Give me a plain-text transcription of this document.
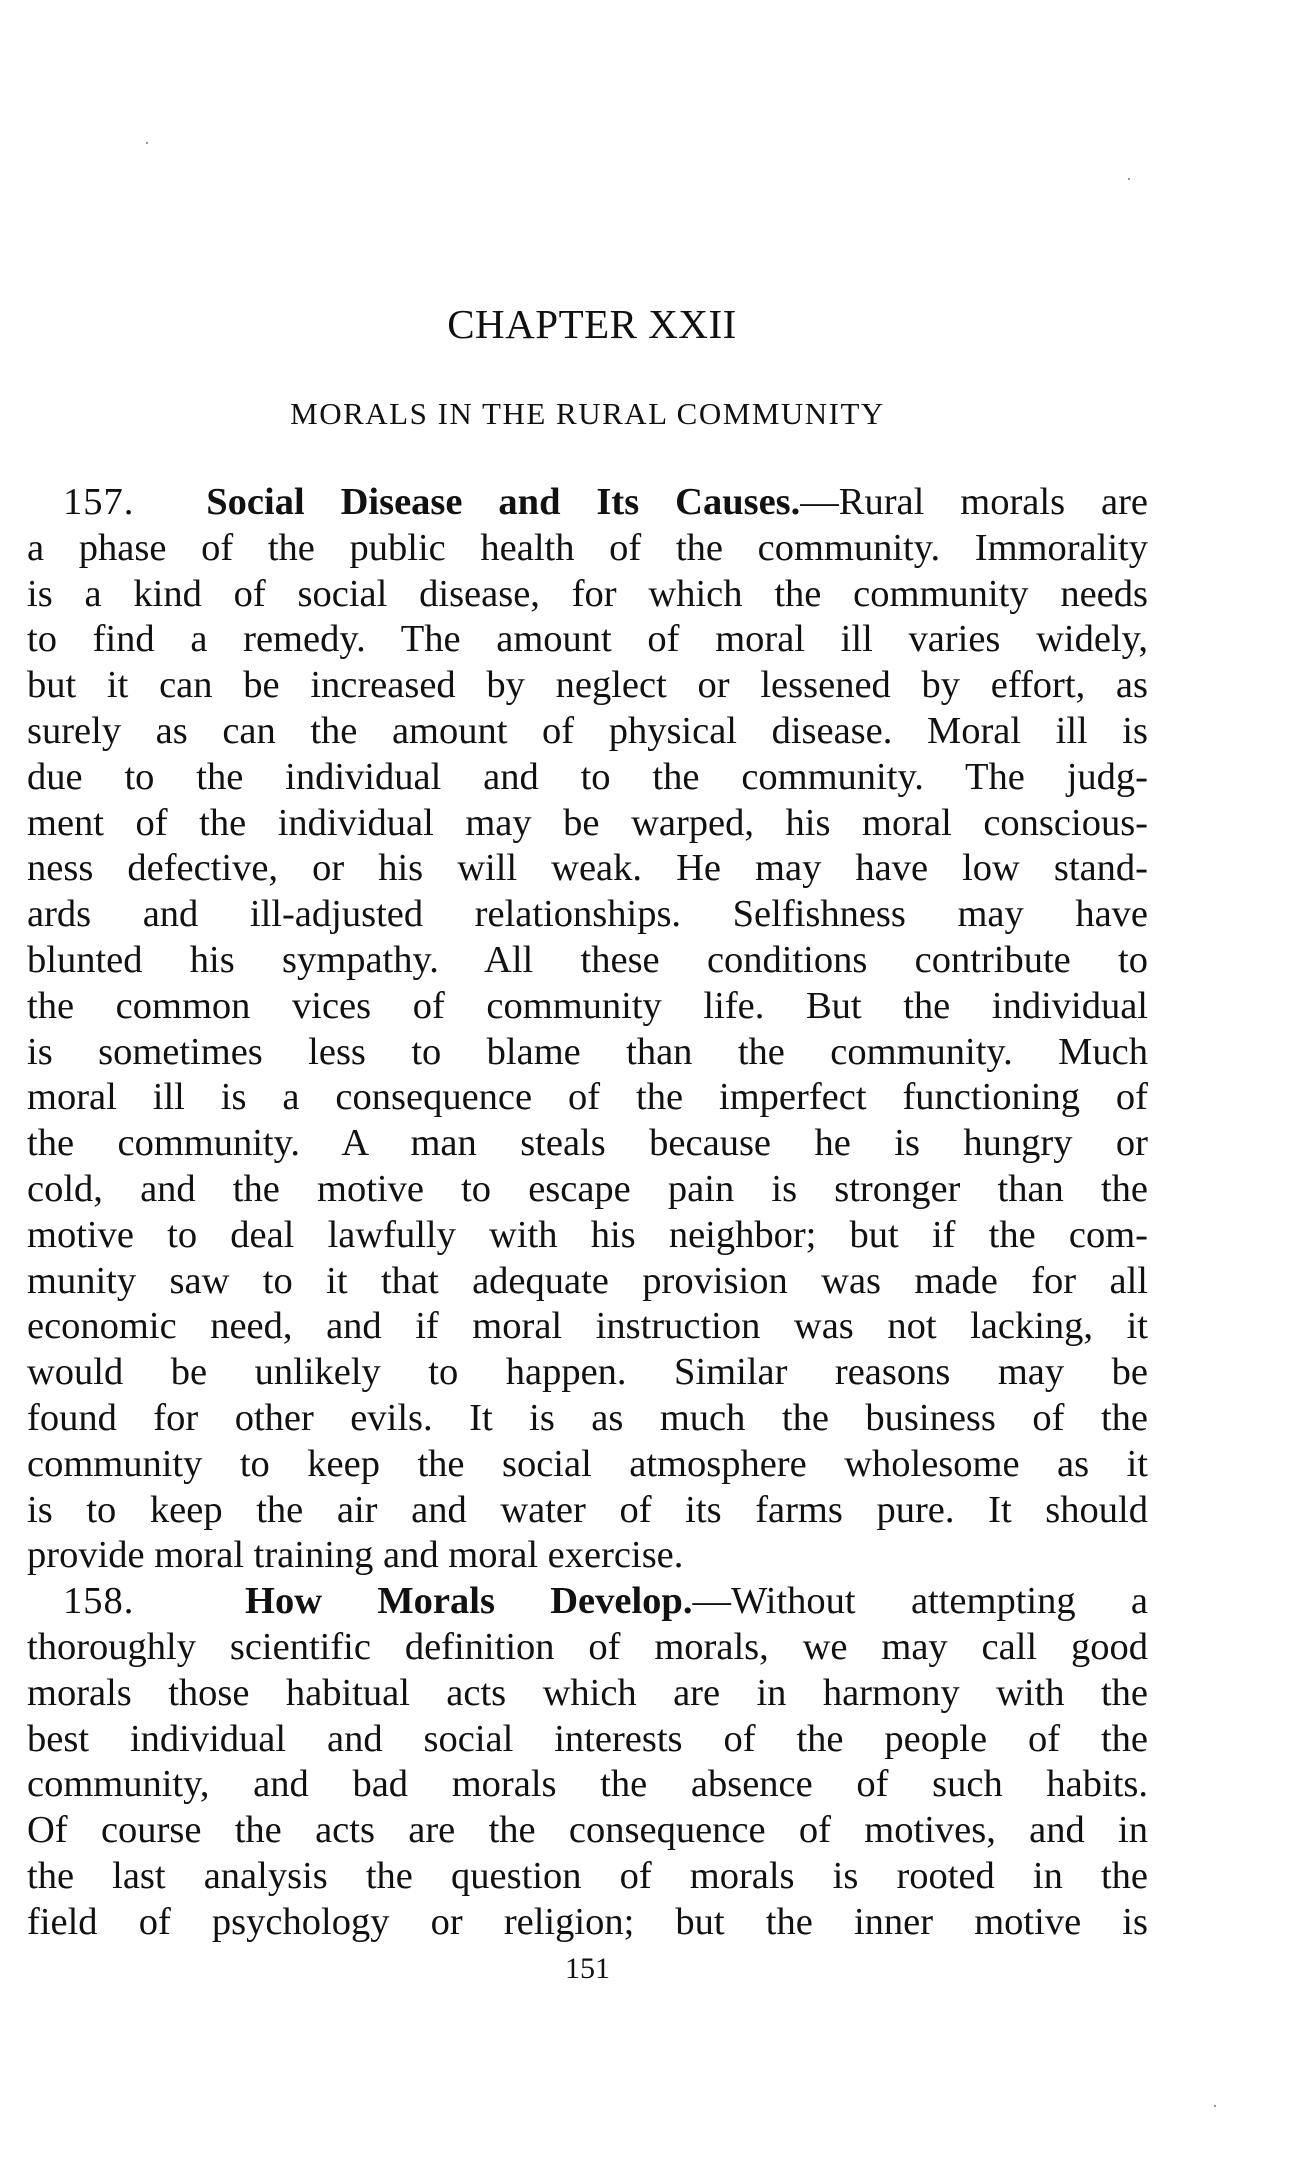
CHAPTER XXII
MORALS IN THE RURAL COMMUNITY
157. Social Disease and Its Causes.—Rural morals are
a phase of the public health of the community. Immorality
is a kind of social disease, for which the community needs
to find a remedy. The amount of moral ill varies widely,
but it can be increased by neglect or lessened by effort, as
surely as can the amount of physical disease. Moral ill is
due to the individual and to the community. The judg-
ment of the individual may be warped, his moral conscious-
ness defective, or his will weak. He may have low stand-
ards and ill-adjusted relationships. Selfishness may have
blunted his sympathy. All these conditions contribute to
the common vices of community life. But the individual
is sometimes less to blame than the community. Much
moral ill is a consequence of the imperfect functioning of
the community. A man steals because he is hungry or
cold, and the motive to escape pain is stronger than the
motive to deal lawfully with his neighbor; but if the com-
munity saw to it that adequate provision was made for all
economic need, and if moral instruction was not lacking, it
would be unlikely to happen. Similar reasons may be
found for other evils. It is as much the business of the
community to keep the social atmosphere wholesome as it
is to keep the air and water of its farms pure. It should
provide moral training and moral exercise.
158.	How Morals Develop.—Without attempting a
thoroughly scientific definition of morals, we may call good
morals those habitual acts which are in harmony with the
best individual and social interests of the people of the
community, and bad morals the absence of such habits.
Of course the acts are the consequence of motives, and in
the last analysis the question of morals is rooted in the
field of psychology or religion; but the inner motive is
151
